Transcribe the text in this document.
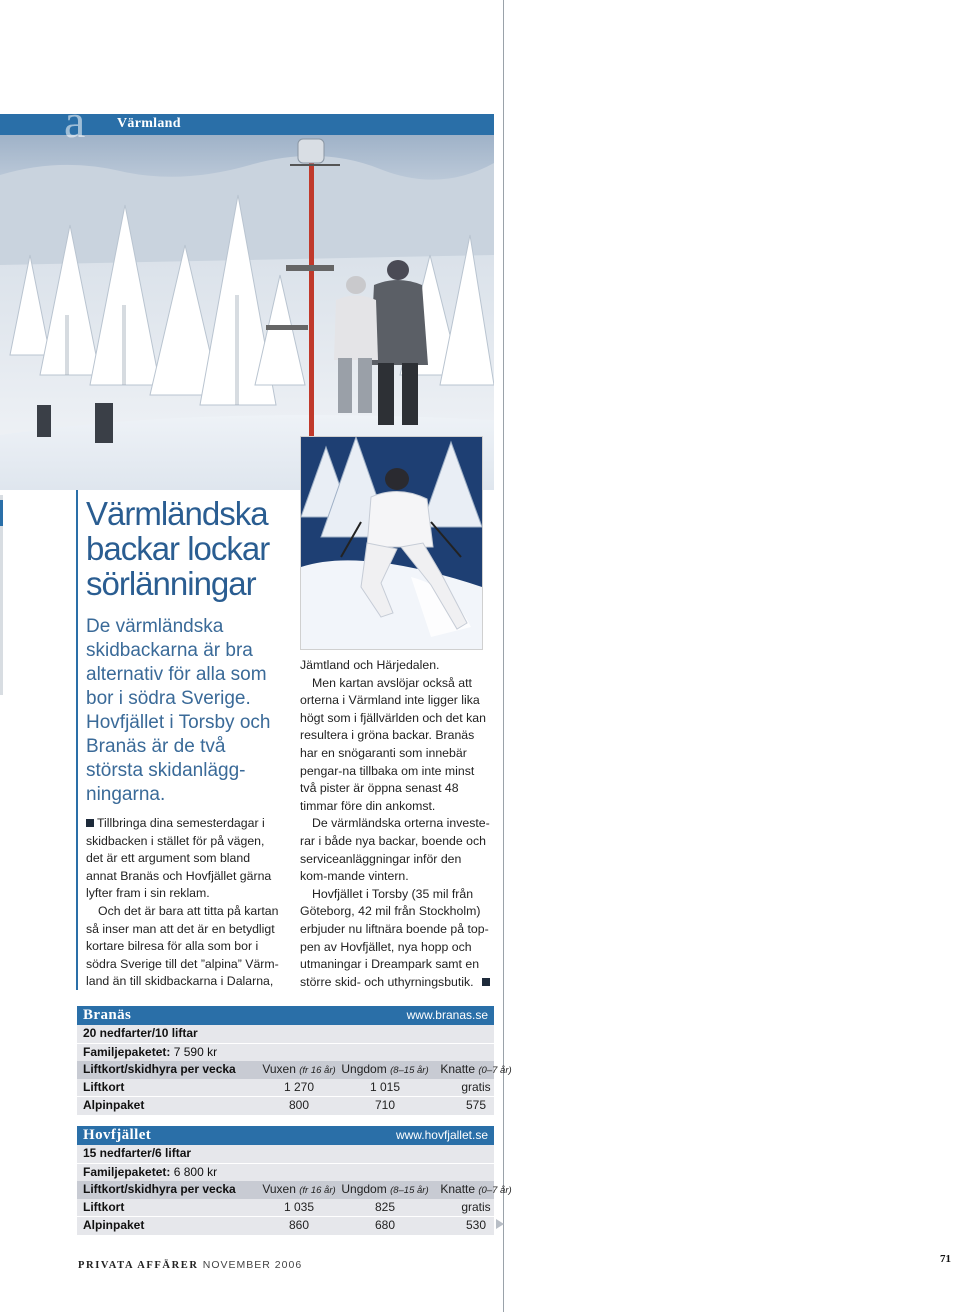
á Värmland
Värmländska backar lockar sörlänningar
De värmländska skidbackarna är bra alternativ för alla som bor i södra Sverige. Hovfjället i Torsby och Branäs är de två största skidanlägg-ningarna.

Tillbringa dina semesterdagar i skidbacken i stället för på vägen, det är ett argument som bland annat Branäs och Hovfjället gärna lyfter fram i sin reklam.

Och det är bara att titta på kartan så inser man att det är en betydligt kortare bilresa för alla som bor i södra Sverige till det ”alpina” Värm-land än till skidbackarna i Dalarna,

Jämtland och Härjedalen.

Men kartan avslöjar också att orterna i Värmland inte ligger lika högt som i fjällvärlden och det kan resultera i gröna backar. Branäs har en snögaranti som innebär pengar-na tillbaka om inte minst två pister är öppna senast 48 timmar före din ankomst.

De värmländska orterna investe-rar i både nya backar, boende och serviceanläggningar inför den kom-mande vintern.

Hovfjället i Torsby (35 mil från Göteborg, 42 mil från Stockholm) erbjuder nu liftnära boende på top-pen av Hovfjället, nya hopp och utmaningar i Dreampark samt en större skid- och uthyrningsbutik.

Branäs	www.branas.se
20 nedfarter/10 liftar
Familjepaketet: 7 590 kr
Liftkort/skidhyra per vecka	Vuxen (fr 16 år) Ungdom (8–15 år) Knatte (0–7 år)
Liftkort	1 270	1 015	gratis
Alpinpaket	800	710	575
Hovfjället	www.hovfjallet.se
15 nedfarter/6 liftar
Familjepaketet: 6 800 kr
Liftkort/skidhyra per vecka	Vuxen (fr 16 år) Ungdom (8–15 år) Knatte (0–7 år)
Liftkort	1 035	825	gratis
Alpinpaket	860	680	530
PRIVATA AFFÄRER NOVEMBER 2006	71
